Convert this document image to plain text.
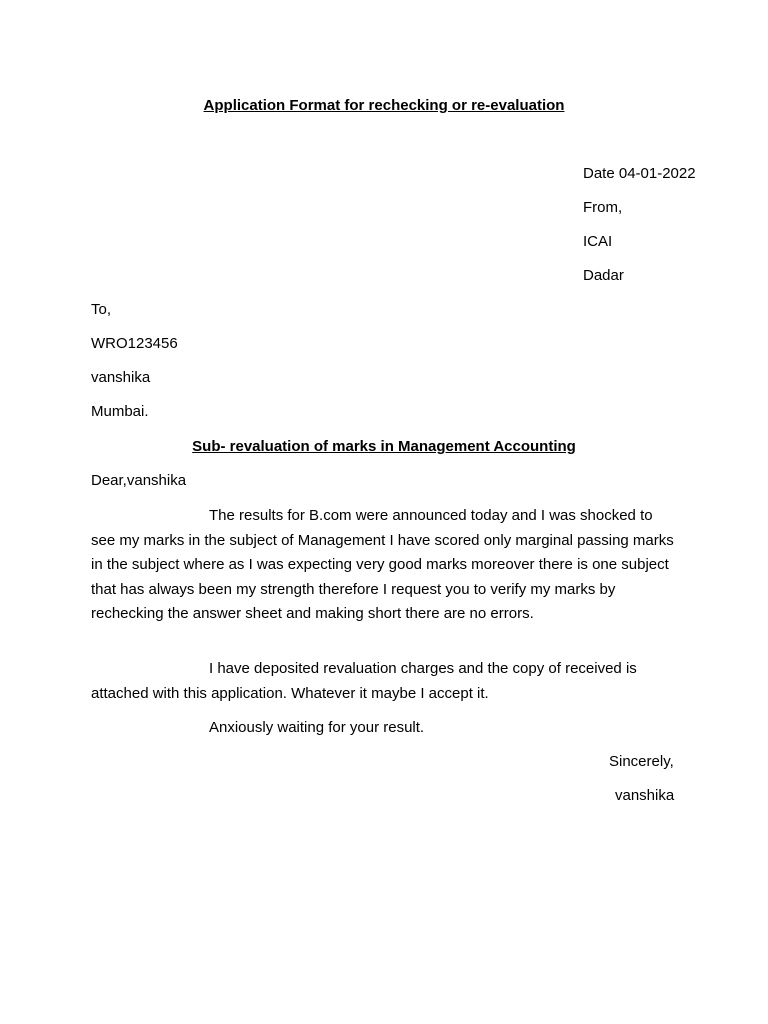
Application Format for rechecking or re-evaluation
Date 04-01-2022
From,
ICAI
Dadar
To,
WRO123456
vanshika
Mumbai.
Sub- revaluation of marks in Management Accounting
Dear,vanshika
The results for B.com were announced today and I was shocked to see my marks in the subject of Management I have scored only marginal passing marks in the subject where as I was expecting very good marks moreover there is one subject that has always been my strength therefore I request you to verify my marks by rechecking the answer sheet and making short there are no errors.
I have deposited revaluation charges and the copy of received is attached with this application. Whatever it maybe I accept it.
Anxiously waiting for your result.
Sincerely,
vanshika
